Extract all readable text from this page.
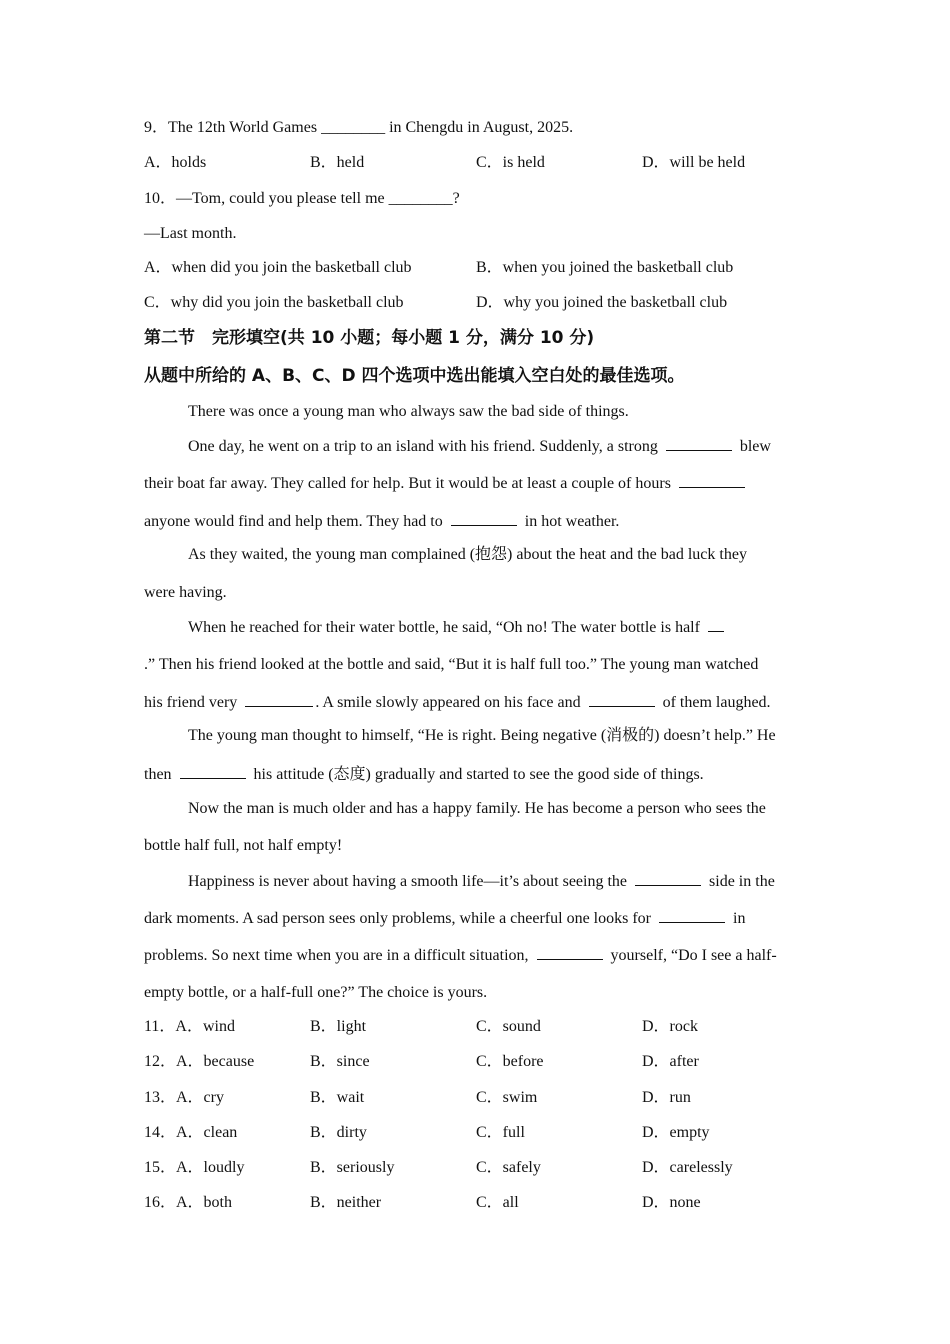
9．The 12th World Games ________ in Chengdu in August, 2025.
A．holds	B．held	C．is held	D．will be held
10．—Tom, could you please tell me ________?
—Last month.
A．when did you join the basketball club	B．when you joined the basketball club
C．why did you join the basketball club	D．why you joined the basketball club
第二节　完形填空(共 10 小题；每小题 1 分，满分 10 分)
从题中所给的 A、B、C、D 四个选项中选出能填入空白处的最佳选项。
There was once a young man who always saw the bad side of things.
One day, he went on a trip to an island with his friend. Suddenly, a strong	blew
their boat far away. They called for help. But it would be at least a couple of hours
anyone would find and help them. They had to	in hot weather.
As they waited, the young man complained (抱怨) about the heat and the bad luck they
were having.
When he reached for their water bottle, he said, “Oh no! The water bottle is half
.” Then his friend looked at the bottle and said, “But it is half full too.” The young man watched
his friend very	. A smile slowly appeared on his face and	of them laughed.
The young man thought to himself, “He is right. Being negative (消极的) doesn’t help.” He
then	his attitude (态度) gradually and started to see the good side of things.
Now the man is much older and has a happy family. He has become a person who sees the
bottle half full, not half empty!
Happiness is never about having a smooth life—it’s about seeing the	side in the
dark moments. A sad person sees only problems, while a cheerful one looks for	in
problems. So next time when you are in a difficult situation,	yourself, “Do I see a half-
empty bottle, or a half-full one?” The choice is yours.
11．A．wind	B．light	C．sound	D．rock
12．A．because	B．since	C．before	D．after
13．A．cry	B．wait	C．swim	D．run
14．A．clean	B．dirty	C．full	D．empty
15．A．loudly	B．seriously	C．safely	D．carelessly
16．A．both	B．neither	C．all	D．none
